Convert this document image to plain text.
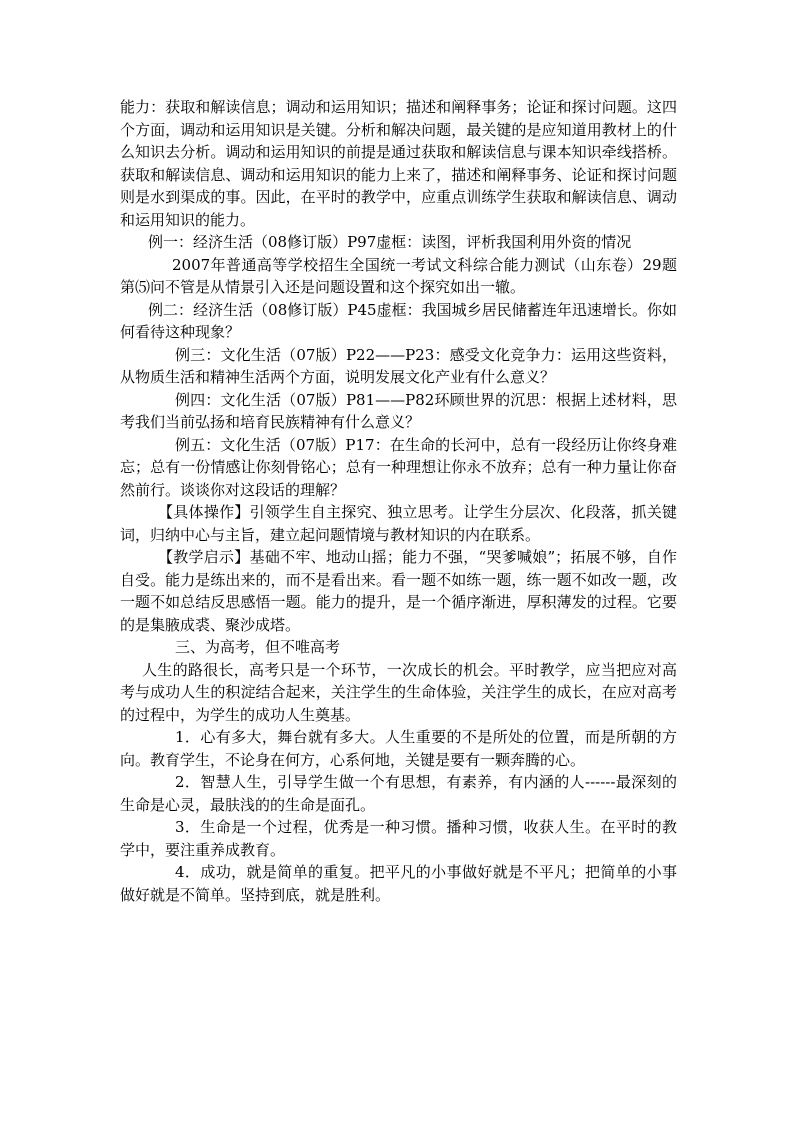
能力：获取和解读信息；调动和运用知识；描述和阐释事务；论证和探讨问题。这四个方面，调动和运用知识是关键。分析和解决问题，最关键的是应知道用教材上的什么知识去分析。调动和运用知识的前提是通过获取和解读信息与课本知识牵线搭桥。获取和解读信息、调动和运用知识的能力上来了，描述和阐释事务、论证和探讨问题则是水到渠成的事。因此，在平时的教学中，应重点训练学生获取和解读信息、调动和运用知识的能力。

例一：经济生活（08修订版）P97虚框：读图，评析我国利用外资的情况

2007年普通高等学校招生全国统一考试文科综合能力测试（山东卷）29题第⑸问不管是从情景引入还是问题设置和这个探究如出一辙。

例二：经济生活（08修订版）P45虚框：我国城乡居民储蓄连年迅速增长。你如何看待这种现象？

例三：文化生活（07版）P22——P23：感受文化竞争力：运用这些资料，从物质生活和精神生活两个方面，说明发展文化产业有什么意义？

例四：文化生活（07版）P81——P82环顾世界的沉思：根据上述材料，思考我们当前弘扬和培育民族精神有什么意义？

例五：文化生活（07版）P17：在生命的长河中，总有一段经历让你终身难忘；总有一份情感让你刻骨铭心；总有一种理想让你永不放弃；总有一种力量让你奋然前行。谈谈你对这段话的理解？

【具体操作】引领学生自主探究、独立思考。让学生分层次、化段落，抓关键词，归纳中心与主旨，建立起问题情境与教材知识的内在联系。

【教学启示】基础不牢、地动山摇；能力不强，“哭爹喊娘”；拓展不够，自作自受。能力是练出来的，而不是看出来。看一题不如练一题，练一题不如改一题，改一题不如总结反思感悟一题。能力的提升，是一个循序渐进，厚积薄发的过程。它要的是集腋成裘、聚沙成塔。

三、为高考，但不唯高考

人生的路很长，高考只是一个环节，一次成长的机会。平时教学，应当把应对高考与成功人生的积淀结合起来，关注学生的生命体验，关注学生的成长，在应对高考的过程中，为学生的成功人生奠基。

1．心有多大，舞台就有多大。人生重要的不是所处的位置，而是所朝的方向。教育学生，不论身在何方，心系何地，关键是要有一颗奔腾的心。

2．智慧人生，引导学生做一个有思想，有素养，有内涵的人------最深刻的生命是心灵，最肤浅的的生命是面孔。

3．生命是一个过程，优秀是一种习惯。播种习惯，收获人生。在平时的教学中，要注重养成教育。

4．成功，就是简单的重复。把平凡的小事做好就是不平凡；把简单的小事做好就是不简单。坚持到底，就是胜利。
